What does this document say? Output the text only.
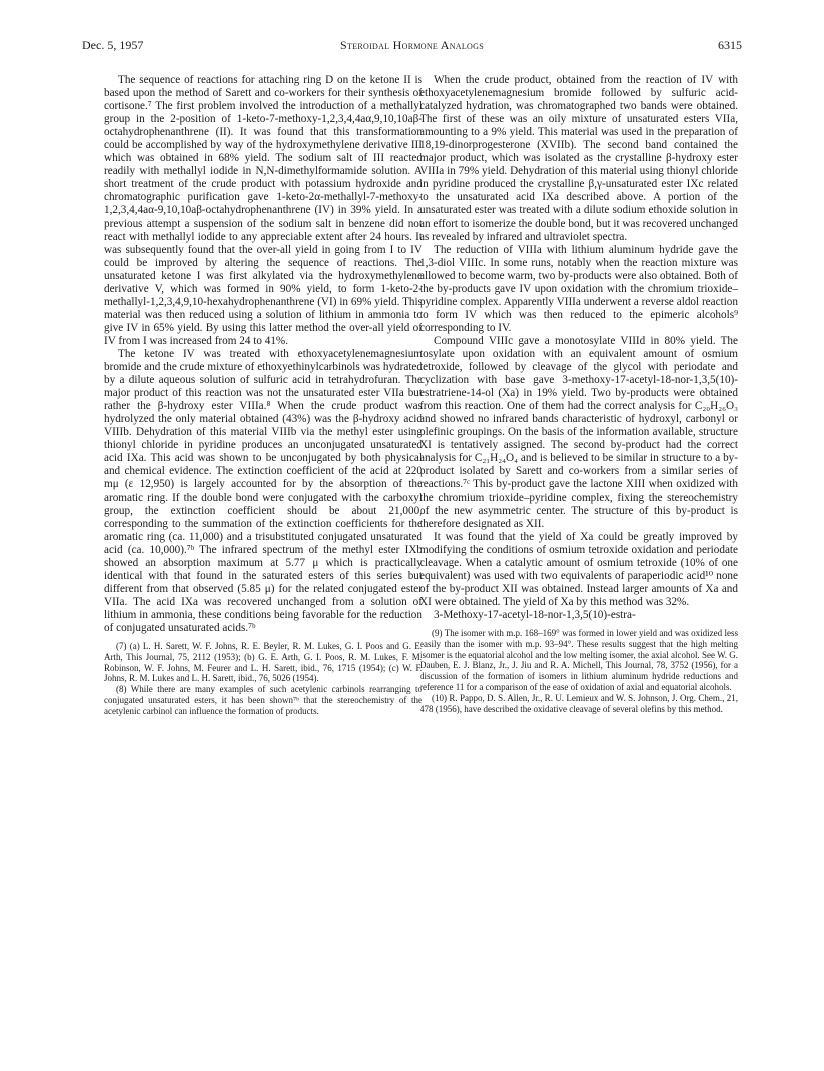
Dec. 5, 1957	Steroidal Hormone Analogs	6315

The sequence of reactions for attaching ring D on the ketone II is based upon the method of Sarett and co-workers for their synthesis of cortisone.⁷ The first problem involved the introduction of a methallyl group in the 2-position of 1-keto-7-methoxy-1,2,3,4,4aα,9,10,10aβ-octahydrophenanthrene (II). It was found that this transformation could be accomplished by way of the hydroxymethylene derivative III which was obtained in 68% yield. The sodium salt of III reacted readily with methallyl iodide in N,N-dimethylformamide solution. A short treatment of the crude product with potassium hydroxide and chromatographic purification gave 1-keto-2α-methallyl-7-methoxy-1,2,3,4,4aα-9,10,10aβ-octahydrophenanthrene (IV) in 39% yield. In a previous attempt a suspension of the sodium salt in benzene did not react with methallyl iodide to any appreciable extent after 24 hours. It was subsequently found that the over-all yield in going from I to IV could be improved by altering the sequence of reactions. The unsaturated ketone I was first alkylated via the hydroxymethylene derivative V, which was formed in 90% yield, to form 1-keto-2-methallyl-1,2,3,4,9,10-hexahydrophenanthrene (VI) in 69% yield. This material was then reduced using a solution of lithium in ammonia to give IV in 65% yield. By using this latter method the over-all yield of IV from I was increased from 24 to 41%.

The ketone IV was treated with ethoxyacetylenemagnesium bromide and the crude mixture of ethoxyethinylcarbinols was hydrated by a dilute aqueous solution of sulfuric acid in tetrahydrofuran. The major product of this reaction was not the unsaturated ester VIIa but rather the β-hydroxy ester VIIIa.⁸ When the crude product was hydrolyzed the only material obtained (43%) was the β-hydroxy acid VIIIb. Dehydration of this material VIIIb via the methyl ester using thionyl chloride in pyridine produces an unconjugated unsaturated acid IXa. This acid was shown to be unconjugated by both physical and chemical evidence. The extinction coefficient of the acid at 220 mμ (ε 12,950) is largely accounted for by the absorption of the aromatic ring. If the double bond were conjugated with the carboxyl group, the extinction coefficient should be about 21,000, corresponding to the summation of the extinction coefficients for the aromatic ring (ca. 11,000) and a trisubstituted conjugated unsaturated acid (ca. 10,000).⁷ᵇ The infrared spectrum of the methyl ester IXb showed an absorption maximum at 5.77 μ which is practically identical with that found in the saturated esters of this series but different from that observed (5.85 μ) for the related conjugated ester VIIa. The acid IXa was recovered unchanged from a solution of lithium in ammonia, these conditions being favorable for the reduction of conjugated unsaturated acids.⁷ᵇ

(7) (a) L. H. Sarett, W. F. Johns, R. E. Beyler, R. M. Lukes, G. I. Poos and G. E. Arth, This Journal, 75, 2112 (1953); (b) G. E. Arth, G. I. Poos, R. M. Lukes, F. M. Robinson, W. F. Johns, M. Feurer and L. H. Sarett, ibid., 76, 1715 (1954); (c) W. F. Johns, R. M. Lukes and L. H. Sarett, ibid., 76, 5026 (1954).

(8) While there are many examples of such acetylenic carbinols rearranging to conjugated unsaturated esters, it has been shown⁷ᵇ that the stereochemistry of the acetylenic carbinol can influence the formation of products.

When the crude product, obtained from the reaction of IV with ethoxyacetylenemagnesium bromide followed by sulfuric acid-catalyzed hydration, was chromatographed two bands were obtained. The first of these was an oily mixture of unsaturated esters VIIa, amounting to a 9% yield. This material was used in the preparation of 18,19-dinorprogesterone (XVIIb). The second band contained the major product, which was isolated as the crystalline β-hydroxy ester VIIIa in 79% yield. Dehydration of this material using thionyl chloride in pyridine produced the crystalline β,γ-unsaturated ester IXc related to the unsaturated acid IXa described above. A portion of the unsaturated ester was treated with a dilute sodium ethoxide solution in an effort to isomerize the double bond, but it was recovered unchanged as revealed by infrared and ultraviolet spectra.

The reduction of VIIIa with lithium aluminum hydride gave the 1,3-diol VIIIc. In some runs, notably when the reaction mixture was allowed to become warm, two by-products were also obtained. Both of the by-products gave IV upon oxidation with the chromium trioxide–pyridine complex. Apparently VIIIa underwent a reverse aldol reaction to form IV which was then reduced to the epimeric alcohols⁹ corresponding to IV.

Compound VIIIc gave a monotosylate VIIId in 80% yield. The tosylate upon oxidation with an equivalent amount of osmium tetroxide, followed by cleavage of the glycol with periodate and cyclization with base gave 3-methoxy-17-acetyl-18-nor-1,3,5(10)-estratriene-14-ol (Xa) in 19% yield. Two by-products were obtained from this reaction. One of them had the correct analysis for C₂₀H₂₆O₃ and showed no infrared bands characteristic of hydroxyl, carbonyl or olefinic groupings. On the basis of the information available, structure XI is tentatively assigned. The second by-product had the correct analysis for C₂₁H₂₄O₄ and is believed to be similar in structure to a by-product isolated by Sarett and co-workers from a similar series of reactions.⁷ᶜ This by-product gave the lactone XIII when oxidized with the chromium trioxide–pyridine complex, fixing the stereochemistry of the new asymmetric center. The structure of this by-product is therefore designated as XII.

It was found that the yield of Xa could be greatly improved by modifying the conditions of osmium tetroxide oxidation and periodate cleavage. When a catalytic amount of osmium tetroxide (10% of one equivalent) was used with two equivalents of paraperiodic acid¹⁰ none of the by-product XII was obtained. Instead larger amounts of Xa and XI were obtained. The yield of Xa by this method was 32%.

3-Methoxy-17-acetyl-18-nor-1,3,5(10)-estra-

(9) The isomer with m.p. 168–169° was formed in lower yield and was oxidized less easily than the isomer with m.p. 93–94°. These results suggest that the high melting isomer is the equatorial alcohol and the low melting isomer, the axial alcohol. See W. G. Dauben, E. J. Blanz, Jr., J. Jiu and R. A. Michell, This Journal, 78, 3752 (1956), for a discussion of the formation of isomers in lithium aluminum hydride reductions and reference 11 for a comparison of the ease of oxidation of axial and equatorial alcohols.

(10) R. Pappo, D. S. Allen, Jr., R. U. Lemieux and W. S. Johnson, J. Org. Chem., 21, 478 (1956), have described the oxidative cleavage of several olefins by this method.
